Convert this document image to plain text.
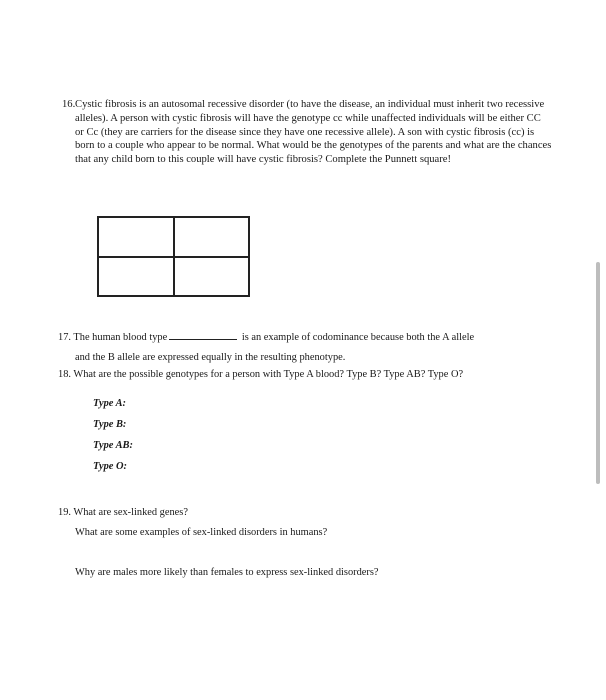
16. Cystic fibrosis is an autosomal recessive disorder (to have the disease, an individual must inherit two recessive alleles). A person with cystic fibrosis will have the genotype cc while unaffected individuals will be either CC or Cc (they are carriers for the disease since they have one recessive allele). A son with cystic fibrosis (cc) is born to a couple who appear to be normal. What would be the genotypes of the parents and what are the chances that any child born to this couple will have cystic fibrosis? Complete the Punnett square!
17. The human blood type	is an example of codominance because both the A allele
and the B allele are expressed equally in the resulting phenotype.
18. What are the possible genotypes for a person with Type A blood? Type B? Type AB? Type O?
Type A:
Type B:
Type AB:
Type O:
19. What are sex-linked genes?
What are some examples of sex-linked disorders in humans?
Why are males more likely than females to express sex-linked disorders?
